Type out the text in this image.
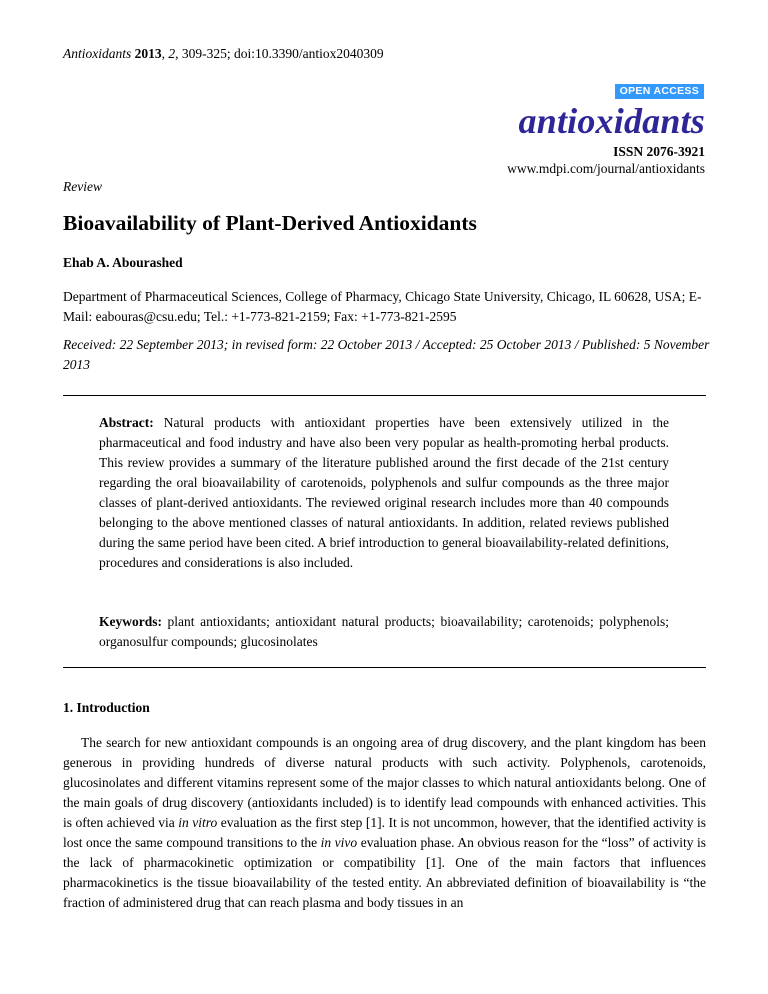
Antioxidants 2013, 2, 309-325; doi:10.3390/antiox2040309
OPEN ACCESS
antioxidants
ISSN 2076-3921
www.mdpi.com/journal/antioxidants
Review
Bioavailability of Plant-Derived Antioxidants
Ehab A. Abourashed
Department of Pharmaceutical Sciences, College of Pharmacy, Chicago State University, Chicago, IL 60628, USA; E-Mail: eabouras@csu.edu; Tel.: +1-773-821-2159; Fax: +1-773-821-2595
Received: 22 September 2013; in revised form: 22 October 2013 / Accepted: 25 October 2013 / Published: 5 November 2013
Abstract: Natural products with antioxidant properties have been extensively utilized in the pharmaceutical and food industry and have also been very popular as health-promoting herbal products. This review provides a summary of the literature published around the first decade of the 21st century regarding the oral bioavailability of carotenoids, polyphenols and sulfur compounds as the three major classes of plant-derived antioxidants. The reviewed original research includes more than 40 compounds belonging to the above mentioned classes of natural antioxidants. In addition, related reviews published during the same period have been cited. A brief introduction to general bioavailability-related definitions, procedures and considerations is also included.
Keywords: plant antioxidants; antioxidant natural products; bioavailability; carotenoids; polyphenols; organosulfur compounds; glucosinolates
1. Introduction
The search for new antioxidant compounds is an ongoing area of drug discovery, and the plant kingdom has been generous in providing hundreds of diverse natural products with such activity. Polyphenols, carotenoids, glucosinolates and different vitamins represent some of the major classes to which natural antioxidants belong. One of the main goals of drug discovery (antioxidants included) is to identify lead compounds with enhanced activities. This is often achieved via in vitro evaluation as the first step [1]. It is not uncommon, however, that the identified activity is lost once the same compound transitions to the in vivo evaluation phase. An obvious reason for the “loss” of activity is the lack of pharmacokinetic optimization or compatibility [1]. One of the main factors that influences pharmacokinetics is the tissue bioavailability of the tested entity. An abbreviated definition of bioavailability is “the fraction of administered drug that can reach plasma and body tissues in an
